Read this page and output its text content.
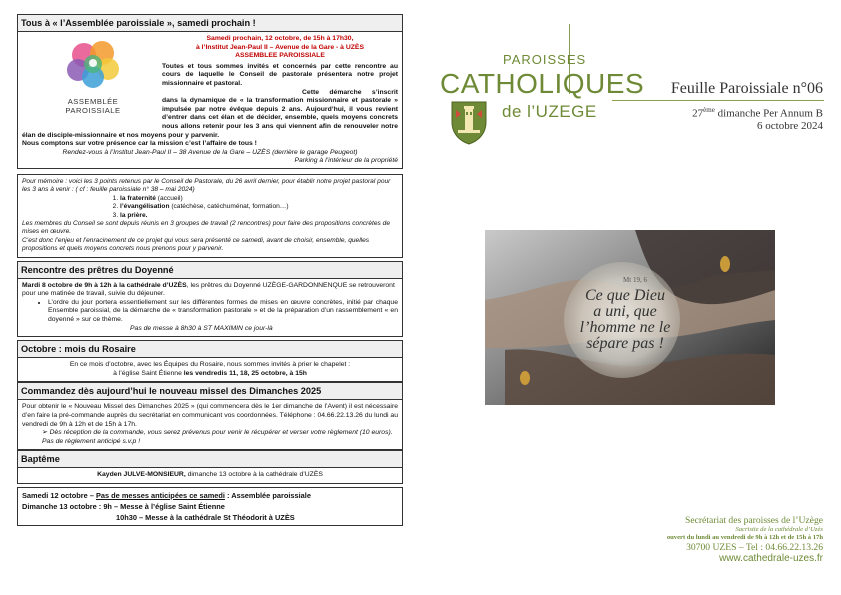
Tous à « l’Assemblée paroissiale », samedi prochain !
ASSEMBLÉE
PAROISSIALE
Samedi prochain, 12 octobre, de 15h à 17h30,
à l’Institut Jean-Paul II – Avenue de la Gare - à UZÈS
ASSEMBLEE PAROISSIALE

Toutes et tous sommes invités et concernés par cette rencontre au cours de laquelle le Conseil de pastorale présentera notre projet missionnaire et pastoral.

Cette démarche s’inscrit dans la dynamique de « la transformation missionnaire et pastorale » impulsée par notre évêque depuis 2 ans. Aujourd’hui, il vous revient d’entrer dans cet élan et de décider, ensemble, quels moyens concrets nous allons retenir pour les 3 ans qui viennent afin de renouveler notre élan de disciple-missionnaire et nos moyens pour y parvenir.

Nous comptons sur votre présence car la mission c’est l’affaire de tous !

Rendez-vous à l’Institut Jean-Paul II – 38 Avenue de la Gare – UZÈS (derrière le garage Peugeot)
Parking à l’intérieur de la propriété

Pour mémoire : voici les 3 points retenus par le Conseil de Pastorale, du 26 avril dernier, pour établir notre projet pastoral pour les 3 ans à venir : ( cf : feuille paroissiale n° 38 – mai 2024)

1. la fraternité (accueil)
2. l’évangélisation (catéchèse, catéchuménat, formation…)
3. la prière.

Les membres du Conseil se sont depuis réunis en 3 groupes de travail (2 rencontres) pour faire des propositions concrètes de mises en œuvre.

C’est donc l’enjeu et l’enracinement de ce projet qui vous sera présenté ce samedi, avant de choisir, ensemble, quelles propositions et quels moyens concrets nous prenons pour y parvenir.

Rencontre des prêtres du Doyenné

Mardi 8 octobre de 9h à 12h à la cathédrale d’UZÈS, les prêtres du Doyenné UZÈGE-GARDONNENQUE se retrouveront pour une matinée de travail, suivie du déjeuner.

• L’ordre du jour portera essentiellement sur les différentes formes de mises en œuvre concrètes, initié par chaque Ensemble paroissial, de la démarche de « transformation pastorale » et de la préparation d’un rassemblement « en doyenné » sur ce thème.

Pas de messe à 8h30 à ST MAXIMIN ce jour-là

Octobre : mois du Rosaire

En ce mois d’octobre, avec les Équipes du Rosaire, nous sommes invités à prier le chapelet :

à l’église Saint Étienne les vendredis 11, 18, 25 octobre, à 15h

Commandez dès aujourd’hui le nouveau missel des Dimanches 2025

Pour obtenir le « Nouveau Missel des Dimanches 2025 » (qui commencera dès le 1er dimanche de l’Avent) il est nécessaire d’en faire la pré-commande auprès du secrétariat en communicant vos coordonnées. Téléphone : 04.66.22.13.26 du lundi au vendredi de 9h à 12h et de 15h à 17h.

➢ Dès réception de la commande, vous serez prévenus pour venir le récupérer et verser votre règlement (10 euros). Pas de règlement anticipé s.v.p !

Baptême

Kayden JULVE-MONSIEUR, dimanche 13 octobre à la cathédrale d’UZÈS

Samedi 12 octobre – Pas de messes anticipées ce samedi : Assemblée paroissiale
Dimanche 13 octobre : 9h – Messe à l’église Saint Étienne
10h30 – Messe à la cathédrale St Théodorit à UZÈS
PAROISSES
CATHOLIQUES
de l’UZEGE
Feuille Paroissiale n°06
27ème dimanche Per Annum B
6 octobre 2024
Mt 19, 6
Ce que Dieu
a uni, que
l’homme ne le
sépare pas !
Secrétariat des paroisses de l’Uzège
Sacristie de la cathédrale d’Uzès
ouvert du lundi au vendredi de 9h à 12h et de 15h à 17h
30700 UZES – Tel : 04.66.22.13.26
www.cathedrale-uzes.fr
